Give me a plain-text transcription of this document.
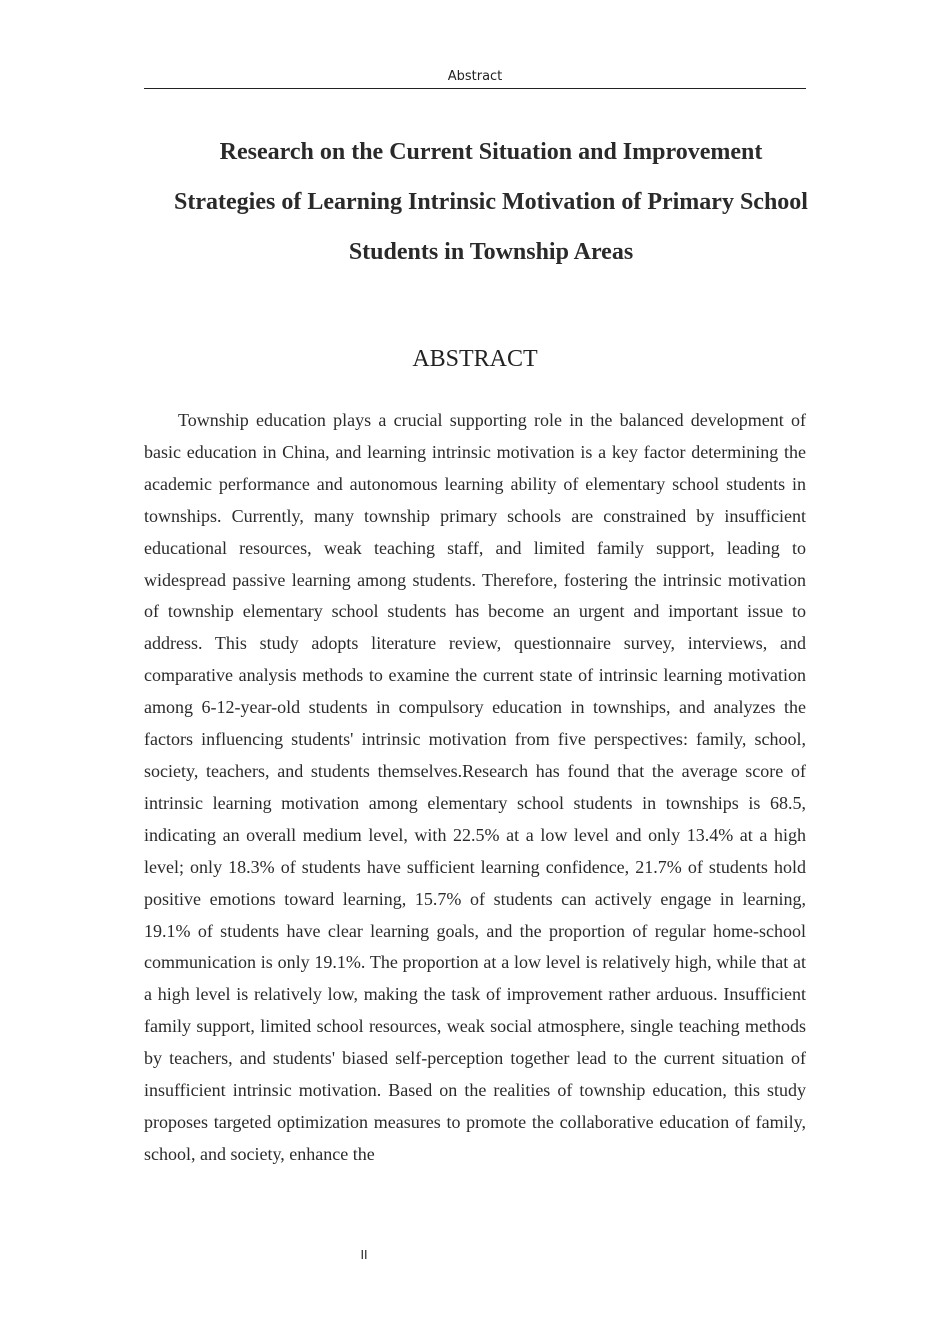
Abstract
Research on the Current Situation and Improvement Strategies of Learning Intrinsic Motivation of Primary School Students in Township Areas
ABSTRACT

Township education plays a crucial supporting role in the balanced development of basic education in China, and learning intrinsic motivation is a key factor determining the academic performance and autonomous learning ability of elementary school students in townships. Currently, many township primary schools are constrained by insufficient educational resources, weak teaching staff, and limited family support, leading to widespread passive learning among students. Therefore, fostering the intrinsic motivation of township elementary school students has become an urgent and important issue to address. This study adopts literature review, questionnaire survey, interviews, and comparative analysis methods to examine the current state of intrinsic learning motivation among 6-12-year-old students in compulsory education in townships, and analyzes the factors influencing students' intrinsic motivation from five perspectives: family, school, society, teachers, and students themselves.Research has found that the average score of intrinsic learning motivation among elementary school students in townships is 68.5, indicating an overall medium level, with 22.5% at a low level and only 13.4% at a high level; only 18.3% of students have sufficient learning confidence, 21.7% of students hold positive emotions toward learning, 15.7% of students can actively engage in learning, 19.1% of students have clear learning goals, and the proportion of regular home-school communication is only 19.1%. The proportion at a low level is relatively high, while that at a high level is relatively low, making the task of improvement rather arduous. Insufficient family support, limited school resources, weak social atmosphere, single teaching methods by teachers, and students' biased self-perception together lead to the current situation of insufficient intrinsic motivation. Based on the realities of township education, this study proposes targeted optimization measures to promote the collaborative education of family, school, and society, enhance the

II
